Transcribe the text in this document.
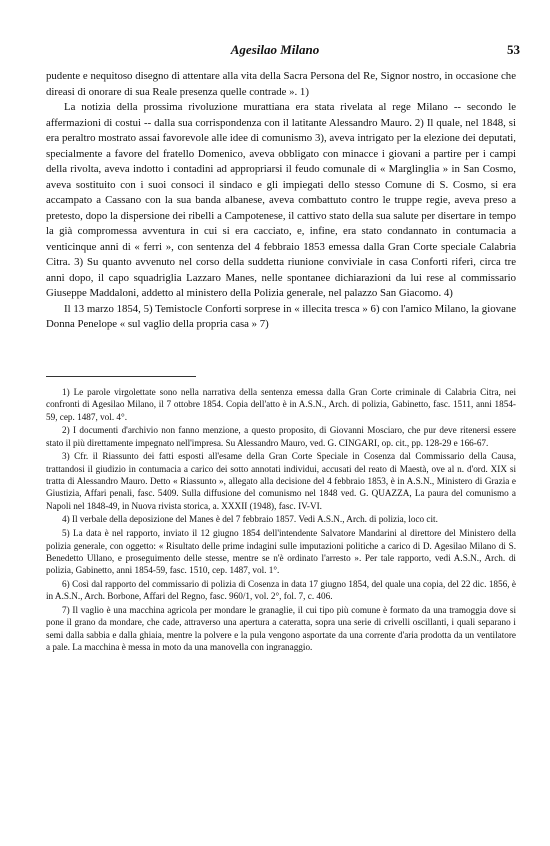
Agesilao Milano	53

pudente e nequitoso disegno di attentare alla vita della Sacra Persona del Re, Signor nostro, in occasione che direasi di onorare di sua Reale presenza quelle contrade ». 1)

La notizia della prossima rivoluzione murattiana era stata rivelata al rege Milano -- secondo le affermazioni di costui -- dalla sua corrispondenza con il latitante Alessandro Mauro. 2) Il quale, nel 1848, si era peraltro mostrato assai favorevole alle idee di comunismo 3), aveva intrigato per la elezione dei deputati, specialmente a favore del fratello Domenico, aveva obbligato con minacce i giovani a partire per i campi della rivolta, aveva indotto i contadini ad appropriarsi il feudo comunale di « Marglinglia » in San Cosmo, aveva sostituito con i suoi consoci il sindaco e gli impiegati dello stesso Comune di S. Cosmo, si era accampato a Cassano con la sua banda albanese, aveva combattuto contro le truppe regie, aveva preso a pretesto, dopo la dispersione dei ribelli a Campotenese, il cattivo stato della sua salute per disertare in tempo la già compromessa avventura in cui si era cacciato, e, infine, era stato condannato in contumacia a venticinque anni di « ferri », con sentenza del 4 febbraio 1853 emessa dalla Gran Corte speciale Calabria Citra. 3) Su quanto avvenuto nel corso della suddetta riunione conviviale in casa Conforti riferì, circa tre anni dopo, il capo squadriglia Lazzaro Manes, nelle spontanee dichiarazioni da lui rese al commissario Giuseppe Maddaloni, addetto al ministero della Polizia generale, nel palazzo San Giacomo. 4)

Il 13 marzo 1854, 5) Temistocle Conforti sorprese in « illecita tresca » 6) con l'amico Milano, la giovane Donna Penelope « sul vaglio della propria casa » 7)

1) Le parole virgolettate sono nella narrativa della sentenza emessa dalla Gran Corte criminale di Calabria Citra, nei confronti di Agesilao Milano, il 7 ottobre 1854. Copia dell'atto è in A.S.N., Arch. di polizia, Gabinetto, fasc. 1511, anni 1854-59, cep. 1487, vol. 4°.

2) I documenti d'archivio non fanno menzione, a questo proposito, di Giovanni Mosciaro, che pur deve ritenersi essere stato il più direttamente impegnato nell'impresa. Su Alessandro Mauro, ved. G. CINGARI, op. cit., pp. 128-29 e 166-67.

3) Cfr. il Riassunto dei fatti esposti all'esame della Gran Corte Speciale in Cosenza dal Commissario della Causa, trattandosi il giudizio in contumacia a carico dei sotto annotati individui, accusati del reato di Maestà, ove al n. d'ord. XIX si tratta di Alessandro Mauro. Detto « Riassunto », allegato alla decisione del 4 febbraio 1853, è in A.S.N., Ministero di Grazia e Giustizia, Affari penali, fasc. 5409. Sulla diffusione del comunismo nel 1848 ved. G. QUAZZA, La paura del comunismo a Napoli nel 1848-49, in Nuova rivista storica, a. XXXII (1948), fasc. IV-VI.

4) Il verbale della deposizione del Manes è del 7 febbraio 1857. Vedi A.S.N., Arch. di polizia, loco cit.

5) La data è nel rapporto, inviato il 12 giugno 1854 dell'intendente Salvatore Mandarini al direttore del Ministero della polizia generale, con oggetto: « Risultato delle prime indagini sulle imputazioni politiche a carico di D. Agesilao Milano di S. Benedetto Ullano, e proseguimento delle stesse, mentre se n'è ordinato l'arresto ». Per tale rapporto, vedi A.S.N., Arch. di polizia, Gabinetto, anni 1854-59, fasc. 1510, cep. 1487, vol. 1°.

6) Così dal rapporto del commissario di polizia di Cosenza in data 17 giugno 1854, del quale una copia, del 22 dic. 1856, è in A.S.N., Arch. Borbone, Affari del Regno, fasc. 960/1, vol. 2°, fol. 7, c. 406.

7) Il vaglio è una macchina agricola per mondare le granaglie, il cui tipo più comune è formato da una tramoggia dove si pone il grano da mondare, che cade, attraverso una apertura a cateratta, sopra una serie di crivelli oscillanti, i quali separano i semi dalla sabbia e dalla ghiaia, mentre la polvere e la pula vengono asportate da una corrente d'aria prodotta da un ventilatore a pale. La macchina è messa in moto da una manovella con ingranaggio.
